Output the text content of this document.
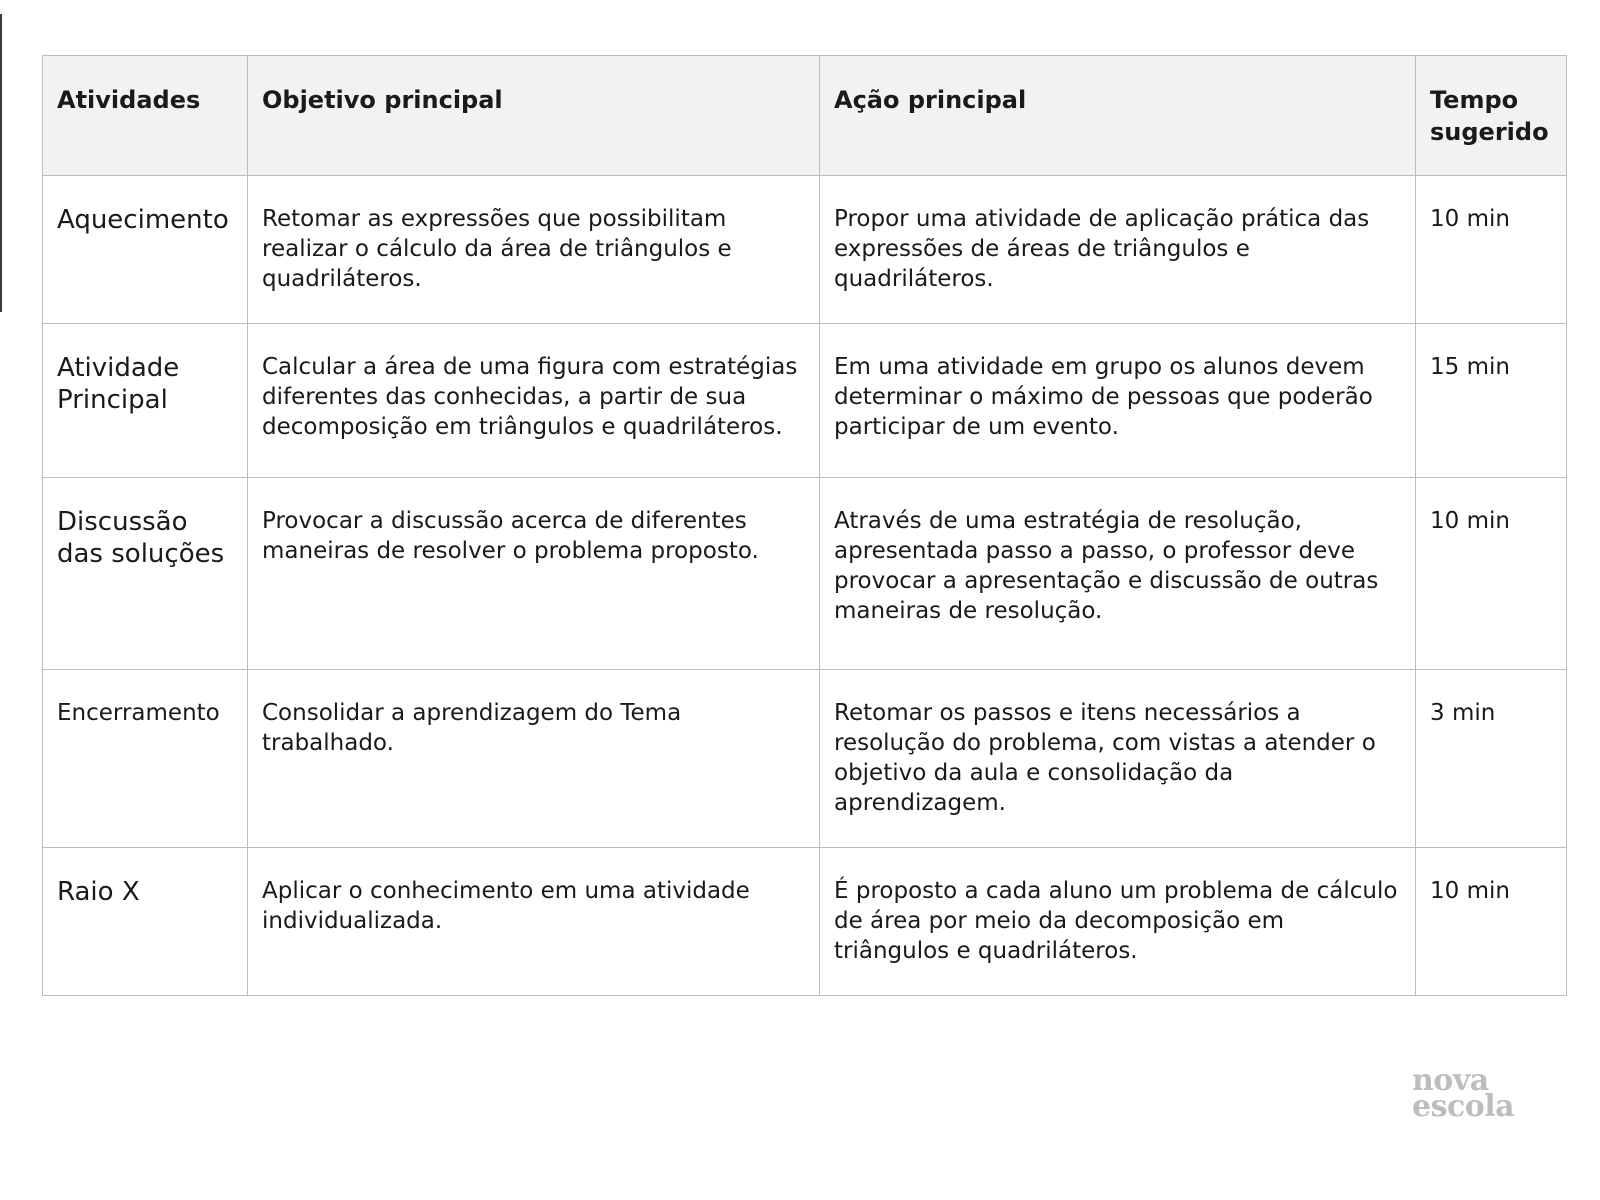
Atividades	Objetivo principal	Ação principal	Tempo sugerido
Aquecimento	Retomar as expressões que possibilitam realizar o cálculo da área de triângulos e quadriláteros.	Propor uma atividade de aplicação prática das expressões de áreas de triângulos e quadriláteros.	10 min
Atividade Principal	Calcular a área de uma figura com estratégias diferentes das conhecidas, a partir de sua decomposição em triângulos e quadriláteros.	Em uma atividade em grupo os alunos devem determinar o máximo de pessoas que poderão participar de um evento.	15 min
Discussão das soluções	Provocar a discussão acerca de diferentes maneiras de resolver o problema proposto.	Através de uma estratégia de resolução, apresentada passo a passo, o professor deve provocar a apresentação e discussão de outras maneiras de resolução.	10 min
Encerramento	Consolidar a aprendizagem do Tema trabalhado.	Retomar os passos e itens necessários a resolução do problema, com vistas a atender o objetivo da aula e consolidação da aprendizagem.	3 min
Raio X	Aplicar o conhecimento em uma atividade individualizada.	É proposto a cada aluno um problema de cálculo de área por meio da decomposição em triângulos e quadriláteros.	10 min
nova
escola
